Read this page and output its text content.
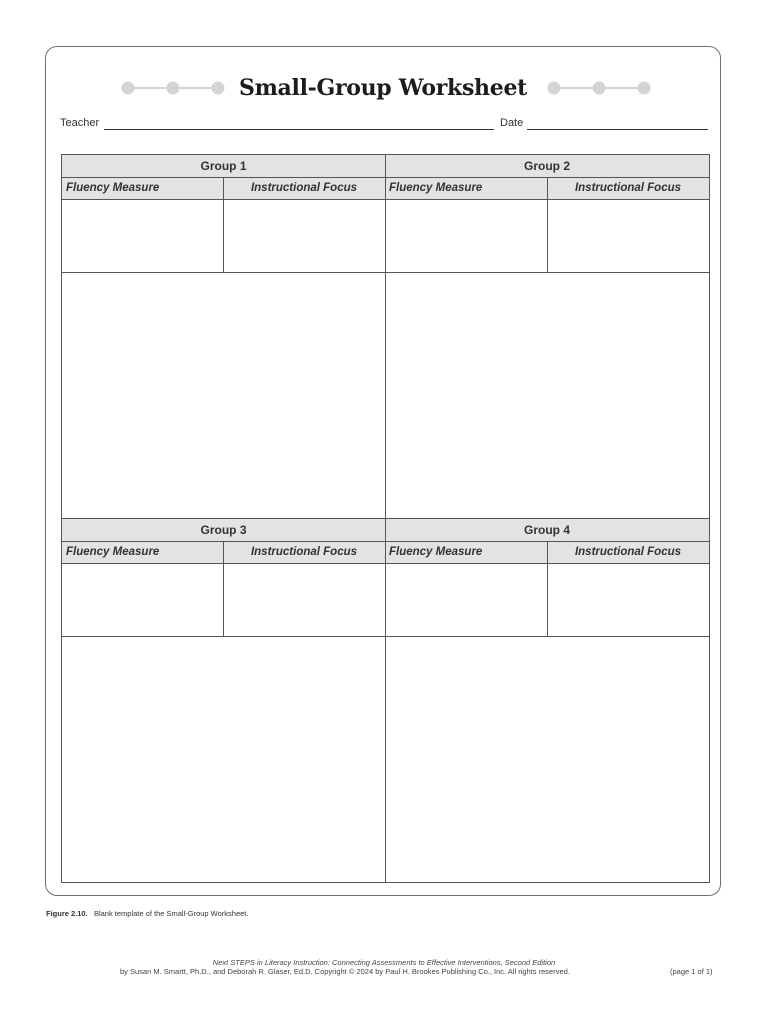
Small-Group Worksheet
Teacher	Date
Group 1	Group 2
Fluency Measure	Instructional Focus	Fluency Measure	Instructional Focus
Group 3	Group 4
Fluency Measure	Instructional Focus	Fluency Measure	Instructional Focus
Figure 2.10. Blank template of the Small-Group Worksheet.
Next STEPS in Literacy Instruction: Connecting Assessments to Effective Interventions, Second Edition
by Susan M. Smartt, Ph.D., and Deborah R. Glaser, Ed.D. Copyright © 2024 by Paul H. Brookes Publishing Co., Inc. All rights reserved.	(page 1 of 1)
